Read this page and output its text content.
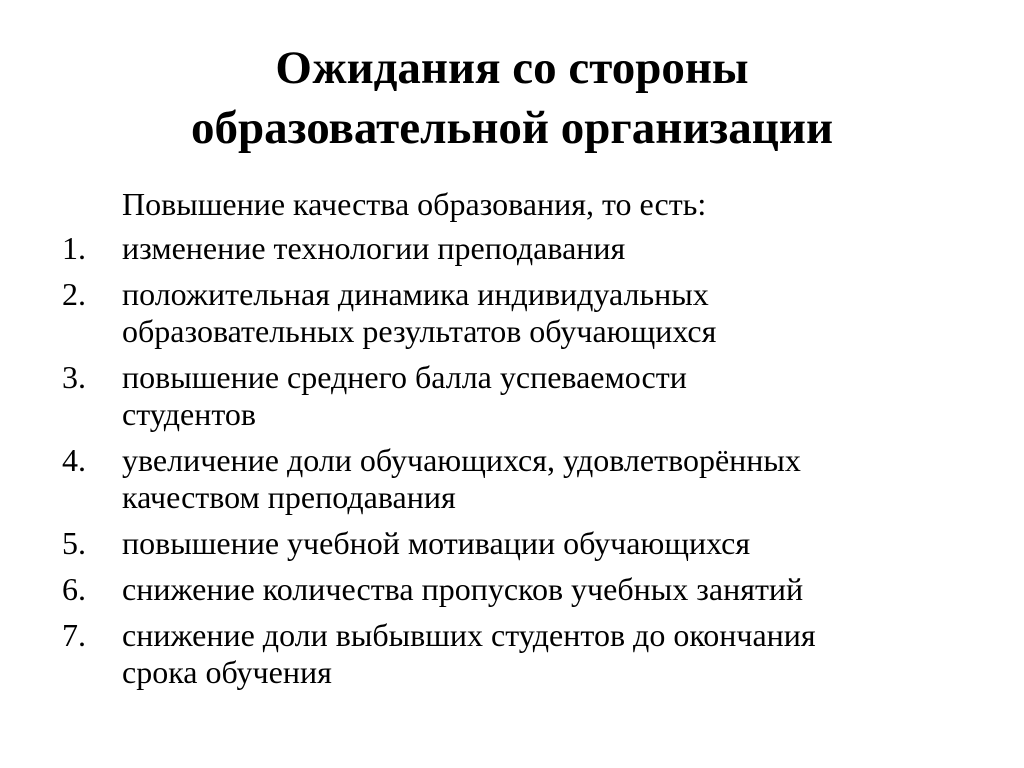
Ожидания со стороны
образовательной организации

Повышение качества образования, то есть:

1. изменение технологии преподавания
2. положительная динамика индивидуальных
образовательных результатов обучающихся
3. повышение среднего балла успеваемости
студентов
4. увеличение доли обучающихся, удовлетворённых
качеством преподавания
5. повышение учебной мотивации обучающихся
6. снижение количества пропусков учебных занятий
7. снижение доли выбывших студентов до окончания
срока обучения
